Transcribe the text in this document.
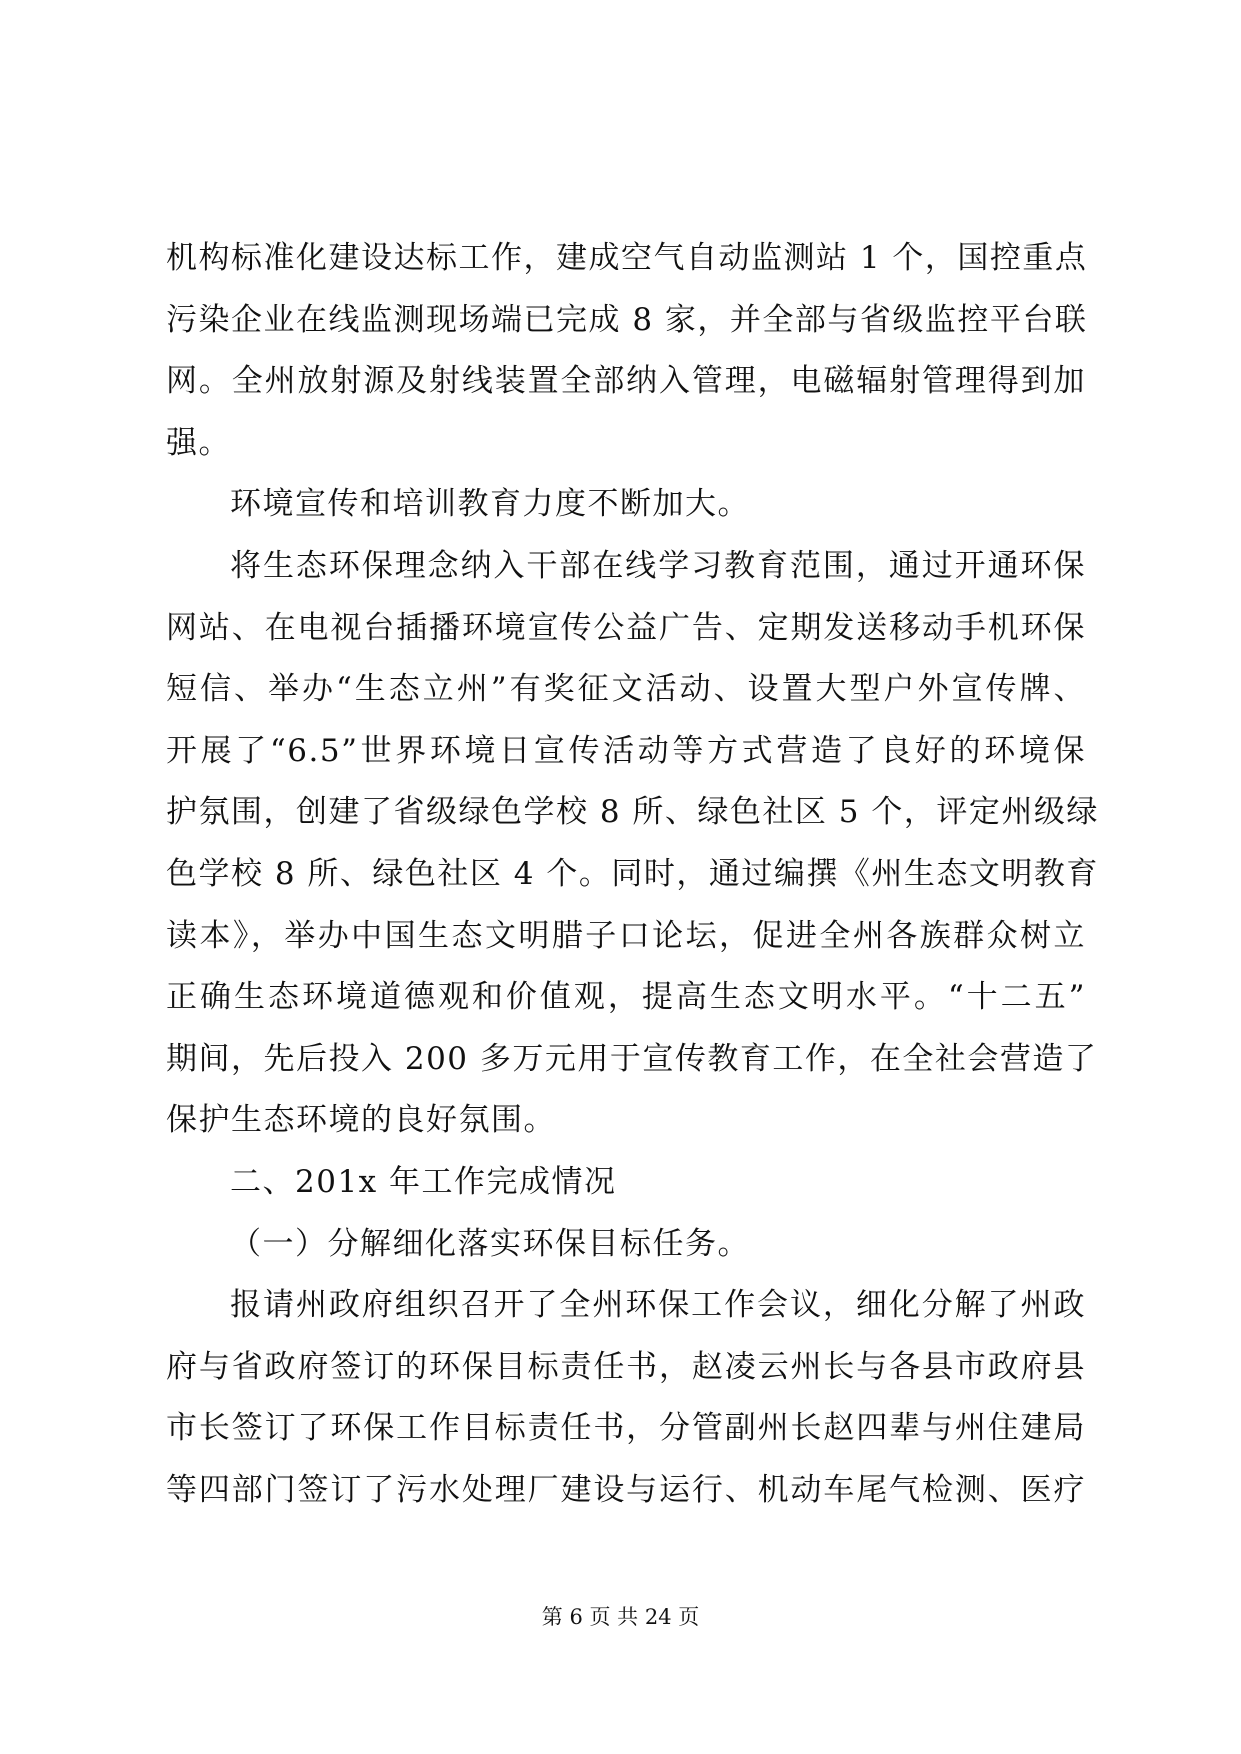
机构标准化建设达标工作，建成空气自动监测站 1 个，国控重点
污染企业在线监测现场端已完成 8 家，并全部与省级监控平台联
网。全州放射源及射线装置全部纳入管理，电磁辐射管理得到加
强。
环境宣传和培训教育力度不断加大。
将生态环保理念纳入干部在线学习教育范围，通过开通环保
网站、在电视台插播环境宣传公益广告、定期发送移动手机环保
短信、举办“生态立州”有奖征文活动、设置大型户外宣传牌、
开展了“6.5”世界环境日宣传活动等方式营造了良好的环境保
护氛围，创建了省级绿色学校 8 所、绿色社区 5 个，评定州级绿
色学校 8 所、绿色社区 4 个。同时，通过编撰《州生态文明教育
读本》，举办中国生态文明腊子口论坛，促进全州各族群众树立
正确生态环境道德观和价值观，提高生态文明水平。“十二五”
期间，先后投入 200 多万元用于宣传教育工作，在全社会营造了
保护生态环境的良好氛围。
二、201x 年工作完成情况
（一）分解细化落实环保目标任务。
报请州政府组织召开了全州环保工作会议，细化分解了州政
府与省政府签订的环保目标责任书，赵凌云州长与各县市政府县
市长签订了环保工作目标责任书，分管副州长赵四辈与州住建局
等四部门签订了污水处理厂建设与运行、机动车尾气检测、医疗
第 6 页 共 24 页
